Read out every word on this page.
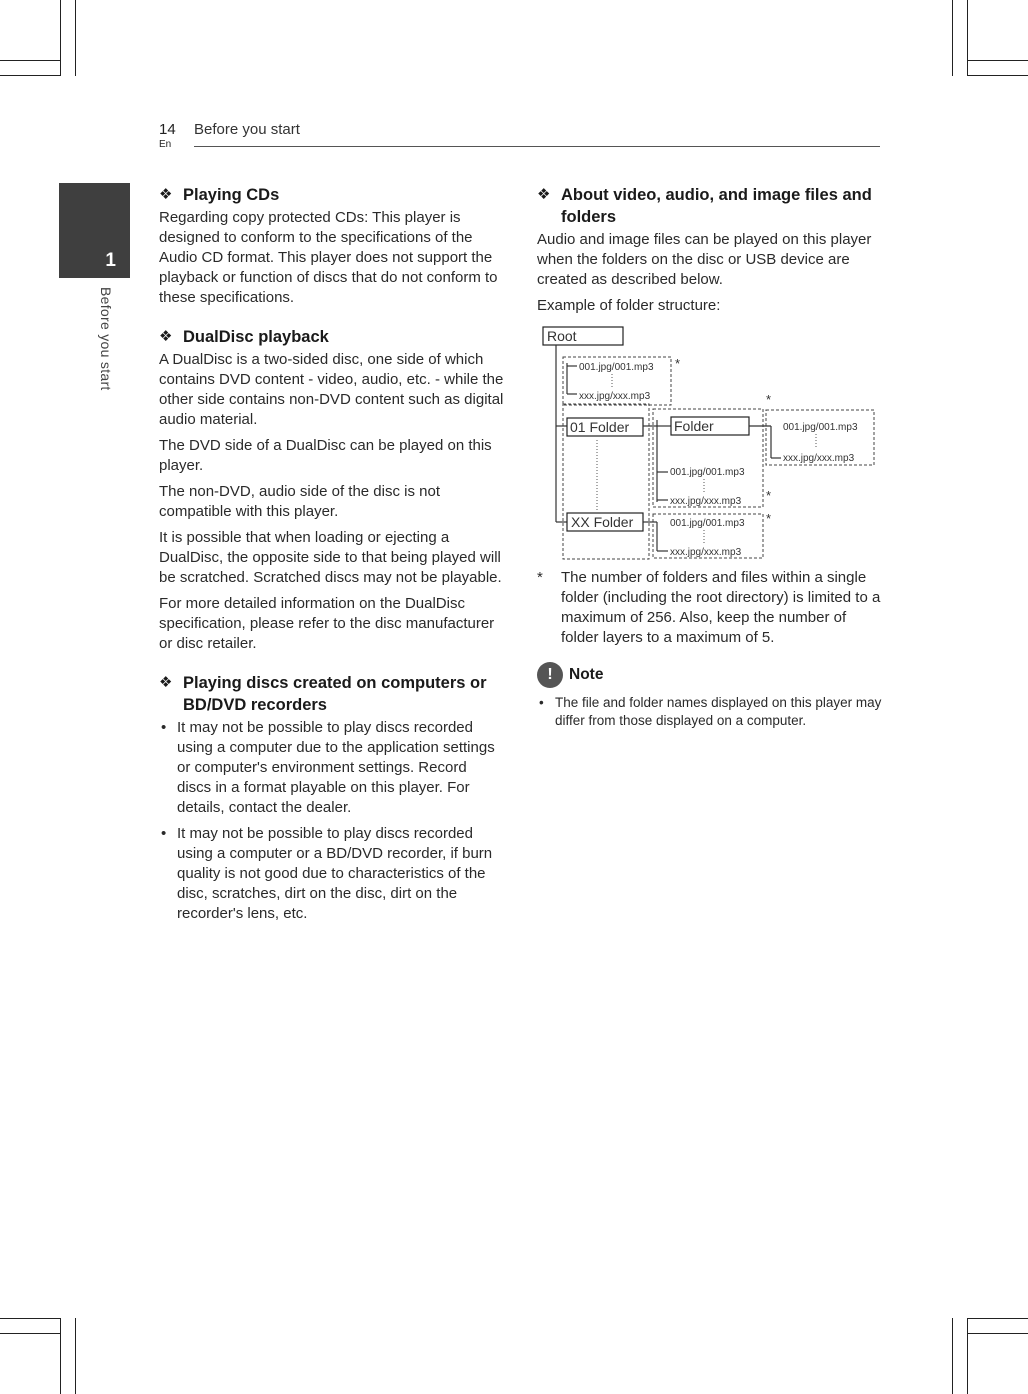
14
En
Before you start
1
Before you start
❖ Playing CDs

Regarding copy protected CDs: This player is designed to conform to the specifications of the Audio CD format. This player does not support the playback or function of discs that do not conform to these specifications.

❖ DualDisc playback

A DualDisc is a two-sided disc, one side of which contains DVD content - video, audio, etc. - while the other side contains non-DVD content such as digital audio material.

The DVD side of a DualDisc can be played on this player.

The non-DVD, audio side of the disc is not compatible with this player.

It is possible that when loading or ejecting a DualDisc, the opposite side to that being played will be scratched. Scratched discs may not be playable.

For more detailed information on the DualDisc specification, please refer to the disc manufacturer or disc retailer.

❖ Playing discs created on computers or BD/DVD recorders
• It may not be possible to play discs recorded using a computer due to the application settings or computer's environment settings. Record discs in a format playable on this player. For details, contact the dealer.
• It may not be possible to play discs recorded using a computer or a BD/DVD recorder, if burn quality is not good due to characteristics of the disc, scratches, dirt on the disc, dirt on the recorder's lens, etc.
❖ About video, audio, and image files and folders

Audio and image files can be played on this player when the folders on the disc or USB device are created as described below.

Example of folder structure:

Root
001.jpg/001.mp3
xxx.jpg/xxx.mp3
*
01 Folder	Folder
001.jpg/001.mp3
xxx.jpg/xxx.mp3
*
*
001.jpg/001.mp3
xxx.jpg/xxx.mp3
XX Folder	001.jpg/001.mp3
xxx.jpg/xxx.mp3
*
* The number of folders and files within a single folder (including the root directory) is limited to a maximum of 256. Also, keep the number of folder layers to a maximum of 5.
!	Note
• The file and folder names displayed on this player may differ from those displayed on a computer.
